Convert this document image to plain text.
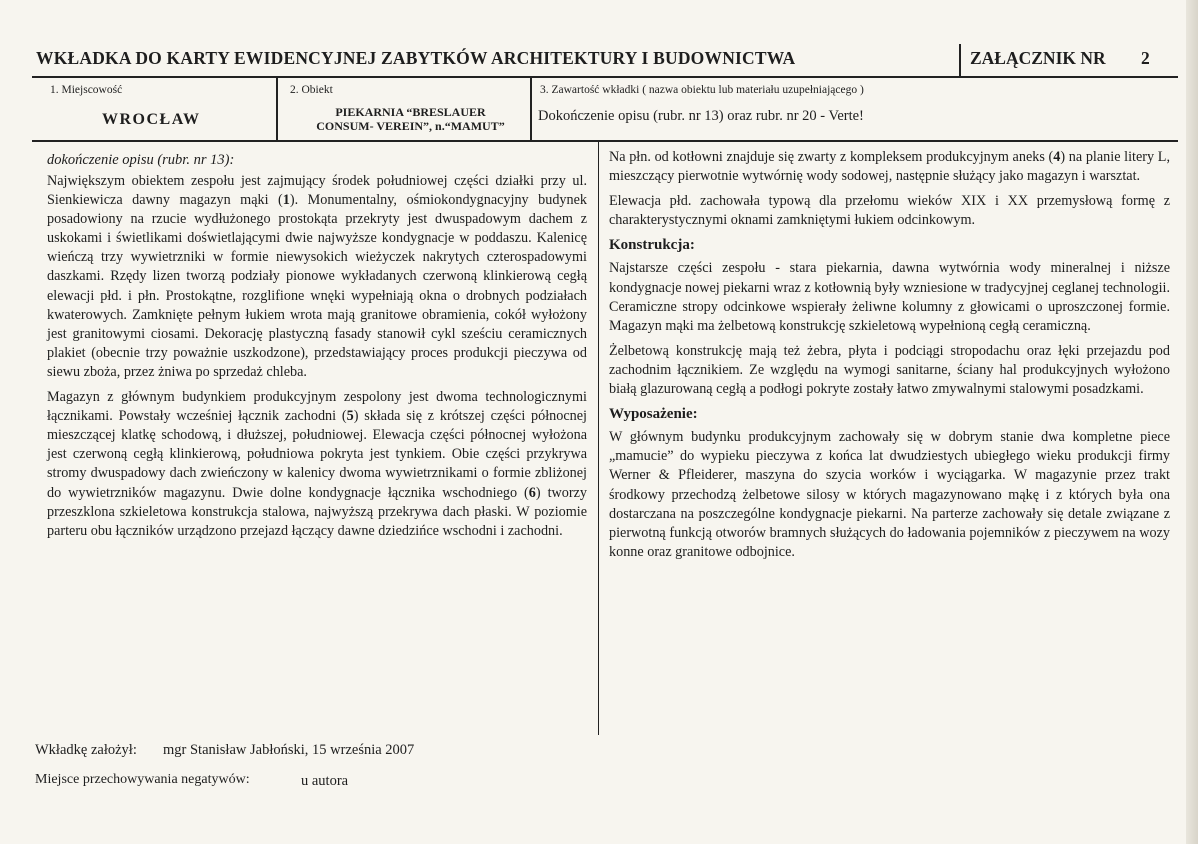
WKŁADKA DO KARTY EWIDENCYJNEJ ZABYTKÓW ARCHITEKTURY I BUDOWNICTWA	ZAŁĄCZNIK NR 2
1. Miejscowość
WROCŁAW
2. Obiekt
PIEKARNIA “BRESLAUER
CONSUM- VEREIN”, n.“MAMUT”
3. Zawartość wkładki ( nazwa obiektu lub materiału uzupełniającego )
Dokończenie opisu (rubr. nr 13) oraz rubr. nr 20 - Verte!
dokończenie opisu (rubr. nr 13):

Największym obiektem zespołu jest zajmujący środek południowej części działki przy ul. Sienkiewicza dawny magazyn mąki (1). Monumentalny, ośmiokondygnacyjny budynek posadowiony na rzucie wydłużonego prostokąta przekryty jest dwuspadowym dachem z uskokami i świetlikami doświetlającymi dwie najwyższe kondygnacje w poddaszu. Kalenicę wieńczą trzy wywietrzniki w formie niewysokich wieżyczek nakrytych czterospadowymi daszkami. Rzędy lizen tworzą podziały pionowe wykładanych czerwoną klinkierową cegłą elewacji płd. i płn. Prostokątne, rozglifione wnęki wypełniają okna o drobnych podziałach kwaterowych. Zamknięte pełnym łukiem wrota mają granitowe obramienia, cokół wyłożony jest granitowymi ciosami. Dekorację plastyczną fasady stanowił cykl sześciu ceramicznych plakiet (obecnie trzy poważnie uszkodzone), przedstawiający proces produkcji pieczywa od siewu zboża, przez żniwa po sprzedaż chleba.

Magazyn z głównym budynkiem produkcyjnym zespolony jest dwoma technologicznymi łącznikami. Powstały wcześniej łącznik zachodni (5) składa się z krótszej części północnej mieszczącej klatkę schodową, i dłuższej, południowej. Elewacja części północnej wyłożona jest czerwoną cegłą klinkierową, południowa pokryta jest tynkiem. Obie części przykrywa stromy dwuspadowy dach zwieńczony w kalenicy dwoma wywietrznikami o formie zbliżonej do wywietrzników magazynu. Dwie dolne kondygnacje łącznika wschodniego (6) tworzy przeszklona szkieletowa konstrukcja stalowa, najwyższą przekrywa dach płaski. W poziomie parteru obu łączników urządzono przejazd łączący dawne dziedzińce wschodni i zachodni.

Na płn. od kotłowni znajduje się zwarty z kompleksem produkcyjnym aneks (4) na planie litery L, mieszczący pierwotnie wytwórnię wody sodowej, następnie służący jako magazyn i warsztat.

Elewacja płd. zachowała typową dla przełomu wieków XIX i XX przemysłową formę z charakterystycznymi oknami zamkniętymi łukiem odcinkowym.

Konstrukcja:

Najstarsze części zespołu - stara piekarnia, dawna wytwórnia wody mineralnej i niższe kondygnacje nowej piekarni wraz z kotłownią były wzniesione w tradycyjnej ceglanej technologii. Ceramiczne stropy odcinkowe wspierały żeliwne kolumny z głowicami o uproszczonej formie. Magazyn mąki ma żelbetową konstrukcję szkieletową wypełnioną cegłą ceramiczną.

Żelbetową konstrukcję mają też żebra, płyta i podciągi stropodachu oraz łęki przejazdu pod zachodnim łącznikiem. Ze względu na wymogi sanitarne, ściany hal produkcyjnych wyłożono białą glazurowaną cegłą a podłogi pokryte zostały łatwo zmywalnymi stalowymi posadzkami.

Wyposażenie:

W głównym budynku produkcyjnym zachowały się w dobrym stanie dwa kompletne piece „mamucie” do wypieku pieczywa z końca lat dwudziestych ubiegłego wieku produkcji firmy Werner & Pfleiderer, maszyna do szycia worków i wyciągarka. W magazynie przez trakt środkowy przechodzą żelbetowe silosy w których magazynowano mąkę i z których była ona dostarczana na poszczególne kondygnacje piekarni. Na parterze zachowały się detale związane z pierwotną funkcją otworów bramnych służących do ładowania pojemników z pieczywem na wozy konne oraz granitowe odbojnice.

Wkładkę założył: mgr Stanisław Jabłoński, 15 września 2007
Miejsce przechowywania negatywów:	u autora
